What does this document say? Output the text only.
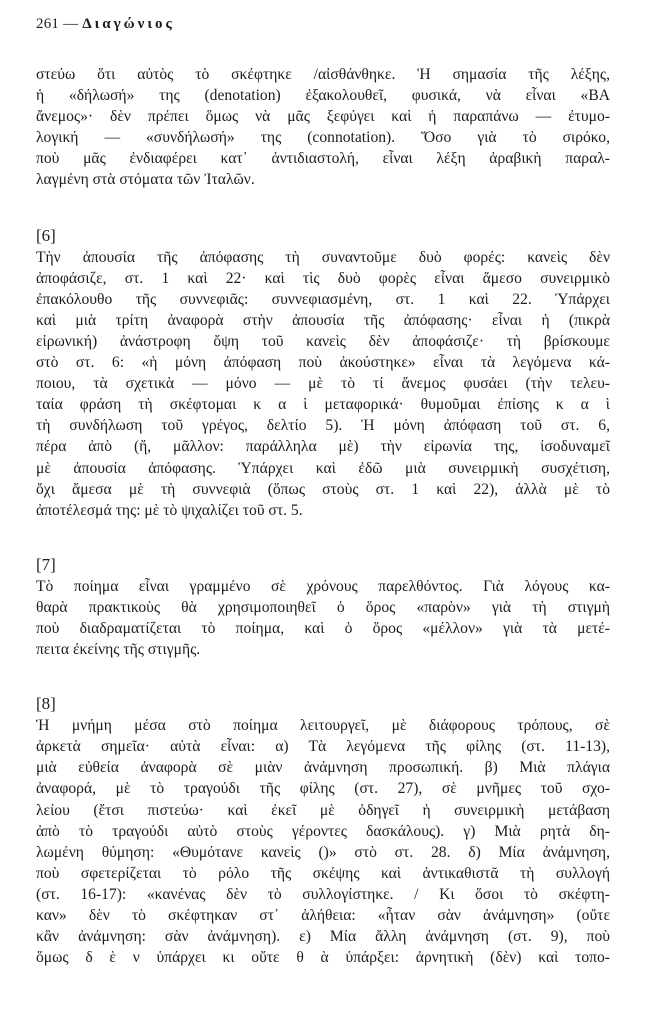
261 — Διαγώνιος
στεύω ὅτι αὐτὸς τὸ σκέφτηκε /αἰσθάνθηκε. Ἡ σημασία τῆς λέξης,
ἡ «δήλωσή» της (denotation) ἐξακολουθεῖ, φυσικά, νὰ εἶναι «ΒΑ
ἄνεμος»· δὲν πρέπει ὅμως νὰ μᾶς ξεφύγει καὶ ἡ παραπάνω — ἐτυμο-
λογική — «συνδήλωσή» της (connotation). Ὅσο γιὰ τὸ σιρόκο,
ποὺ μᾶς ἐνδιαφέρει κατ᾽ ἀντιδιαστολή, εἶναι λέξη ἀραβικὴ παραλ-
λαγμένη στὰ στόματα τῶν Ἰταλῶν.
[6]
Τὴν ἀπουσία τῆς ἀπόφασης τὴ συναντοῦμε δυὸ φορές: κανεὶς δὲν
ἀποφάσιζε, στ. 1 καὶ 22· καὶ τὶς δυὸ φορὲς εἶναι ἄμεσο συνειρμικὸ
ἐπακόλουθο τῆς συννεφιᾶς: συννεφιασμένη, στ. 1 καὶ 22. Ὑπάρχει
καὶ μιὰ τρίτη ἀναφορὰ στὴν ἀπουσία τῆς ἀπόφασης· εἶναι ἡ (πικρὰ
εἰρωνική) ἀνάστροφη ὄψη τοῦ κανεὶς δὲν ἀποφάσιζε· τὴ βρίσκουμε
στὸ στ. 6: «ἡ μόνη ἀπόφαση ποὺ ἀκούστηκε» εἶναι τὰ λεγόμενα κά-
ποιου, τὰ σχετικὰ — μόνο — μὲ τὸ τί ἄνεμος φυσάει (τὴν τελευ-
ταία φράση τὴ σκέφτομαι κ α ὶ μεταφορικά· θυμοῦμαι ἐπίσης κ α ὶ
τὴ συνδήλωση τοῦ γρέγος, δελτίο 5). Ἡ μόνη ἀπόφαση τοῦ στ. 6,
πέρα ἀπὸ (ἤ, μᾶλλον: παράλληλα μὲ) τὴν εἰρωνία της, ἰσοδυναμεῖ
μὲ ἀπουσία ἀπόφασης. Ὑπάρχει καὶ ἐδῶ μιὰ συνειρμικὴ συσχέτιση,
ὄχι ἄμεσα μὲ τὴ συννεφιὰ (ὅπως στοὺς στ. 1 καὶ 22), ἀλλὰ μὲ τὸ
ἀποτέλεσμά της: μὲ τὸ ψιχαλίζει τοῦ στ. 5.
[7]
Τὸ ποίημα εἶναι γραμμένο σὲ χρόνους παρελθόντος. Γιὰ λόγους κα-
θαρὰ πρακτικοὺς θὰ χρησιμοποιηθεῖ ὁ ὅρος «παρὸν» γιὰ τὴ στιγμὴ
ποὺ διαδραματίζεται τὸ ποίημα, καὶ ὁ ὅρος «μέλλον» γιὰ τὰ μετέ-
πειτα ἐκείνης τῆς στιγμῆς.
[8]
Ἡ μνήμη μέσα στὸ ποίημα λειτουργεῖ, μὲ διάφορους τρόπους, σὲ
ἀρκετὰ σημεῖα· αὐτὰ εἶναι: α) Τὰ λεγόμενα τῆς φίλης (στ. 11-13),
μιὰ εὐθεία ἀναφορὰ σὲ μιὰν ἀνάμνηση προσωπική. β) Μιὰ πλάγια
ἀναφορά, μὲ τὸ τραγούδι τῆς φίλης (στ. 27), σὲ μνῆμες τοῦ σχο-
λείου (ἔτσι πιστεύω· καὶ ἐκεῖ μὲ ὁδηγεῖ ἡ συνειρμικὴ μετάβαση
ἀπὸ τὸ τραγούδι αὐτὸ στοὺς γέροντες δασκάλους). γ) Μιὰ ρητὰ δη-
λωμένη θύμηση: «Θυμότανε κανεὶς ()» στὸ στ. 28. δ) Μία ἀνάμνηση,
ποὺ σφετερίζεται τὸ ρόλο τῆς σκέψης καὶ ἀντικαθιστᾶ τὴ συλλογή
(στ. 16-17): «κανένας δὲν τὸ συλλογίστηκε. / Κι ὅσοι τὸ σκέφτη-
καν» δὲν τὸ σκέφτηκαν στ᾽ ἀλήθεια: «ἦταν σὰν ἀνάμνηση» (οὔτε
κἂν ἀνάμνηση: σὰν ἀνάμνηση). ε) Μία ἄλλη ἀνάμνηση (στ. 9), ποὺ
ὅμως δ ὲ ν ὑπάρχει κι οὔτε θ ὰ ὑπάρξει: ἀρνητικὴ (δὲν) καὶ τοπο-
